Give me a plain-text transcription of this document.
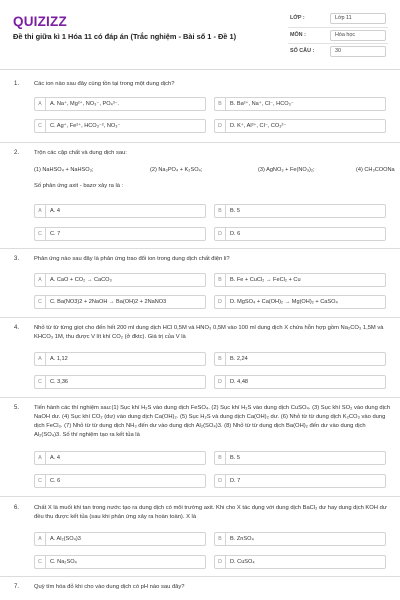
QUIZIZZ
Đề thi giữa kì 1 Hóa 11 có đáp án (Trắc nghiệm - Bài số 1 - Đề 1)
LỚP :	Lớp 11
MÔN :	Hóa học
SỐ CÂU :	30
1.	Các ion nào sau đây cùng tồn tại trong một dung dịch?
A	A. Na⁺, Mg²⁺, NO₃⁻, PO₄³⁻.	B	B. Ba²⁺, Na⁺, Cl⁻, HCO₃⁻
C	C. Ag⁺, Fe²⁺, HCO₃⁻², NO₃⁻	D	D. K⁺, Al³⁺, Cl⁻, CO₃²⁻
2.	Trộn các cặp chất và dung dịch sau:
(1) NaHSO₄ + NaHSO₃;	(2) Na₃PO₄ + K₂SO₄;	(3) AgNO₃ + Fe(NO₃)₂;	(4) CH₃COONa
Số phản ứng axit - bazơ xảy ra là :
A	A. 4	B	B. 5
C	C. 7	D	D. 6
3.	Phản ứng nào sau đây là phản ứng trao đổi ion trong dung dịch chất điện li?
A	A. CaO + CO₂ → CaCO₃	B	B. Fe + CuCl₂ → FeCl₂ + Cu
C	C. Ba(NO3)2 + 2NaOH → Ba(OH)2 + 2NaNO3	D	D. MgSO₄ + Ca(OH)₂ → Mg(OH)₂ + CaSO₄
4.	Nhỏ từ từ từng giọt cho đến hết 200 ml dung dịch HCl 0,5M và HNO₃ 0,5M vào 100 ml dung dịch X chứa hỗn hợp gồm Na₂CO₃ 1,5M và KHCO₃ 1M, thu được V lít khí CO₂ (ở đktc). Giá trị của V là
A	A. 1,12	B	B. 2,24
C	C. 3,36	D	D. 4,48
5.	Tiến hành các thí nghiệm sau:(1) Sục khí H₂S vào dung dịch FeSO₄. (2) Sục khí H₂S vào dung dịch CuSO₄. (3) Sục khí SO₂ vào dung dịch NaOH dư. (4) Sục khí CO₂ (dư) vào dung dịch Ca(OH)₂. (5) Sục H₂S và dung dịch Ca(OH)₂ dư. (6) Nhỏ từ từ dung dịch K₂CO₃ vào dung dịch FeCl₃. (7) Nhỏ từ từ dung dịch NH₃ đến dư vào dung dịch Al₂(SO₄)3. (8) Nhỏ từ từ dung dịch Ba(OH)₂ đến dư vào dung dịch Al₂(SO₄)3. Số thí nghiệm tạo ra kết tủa là
A	A. 4	B	B. 5
C	C. 6	D	D. 7
6.	Chất X là muối khi tan trong nước tạo ra dung dịch có môi trường axit. Khi cho X tác dụng với dung dịch BaCl₂ dư hay dung dịch KOH dư đều thu được kết tủa (sau khi phản ứng xảy ra hoàn toàn). X là
A	A. Al₂(SO₄)3	B	B. ZnSO₄
C	C. Na₂SO₄	D	D. CuSO₄
7.	Quỳ tím hóa đỏ khi cho vào dung dịch có pH nào sau đây?
